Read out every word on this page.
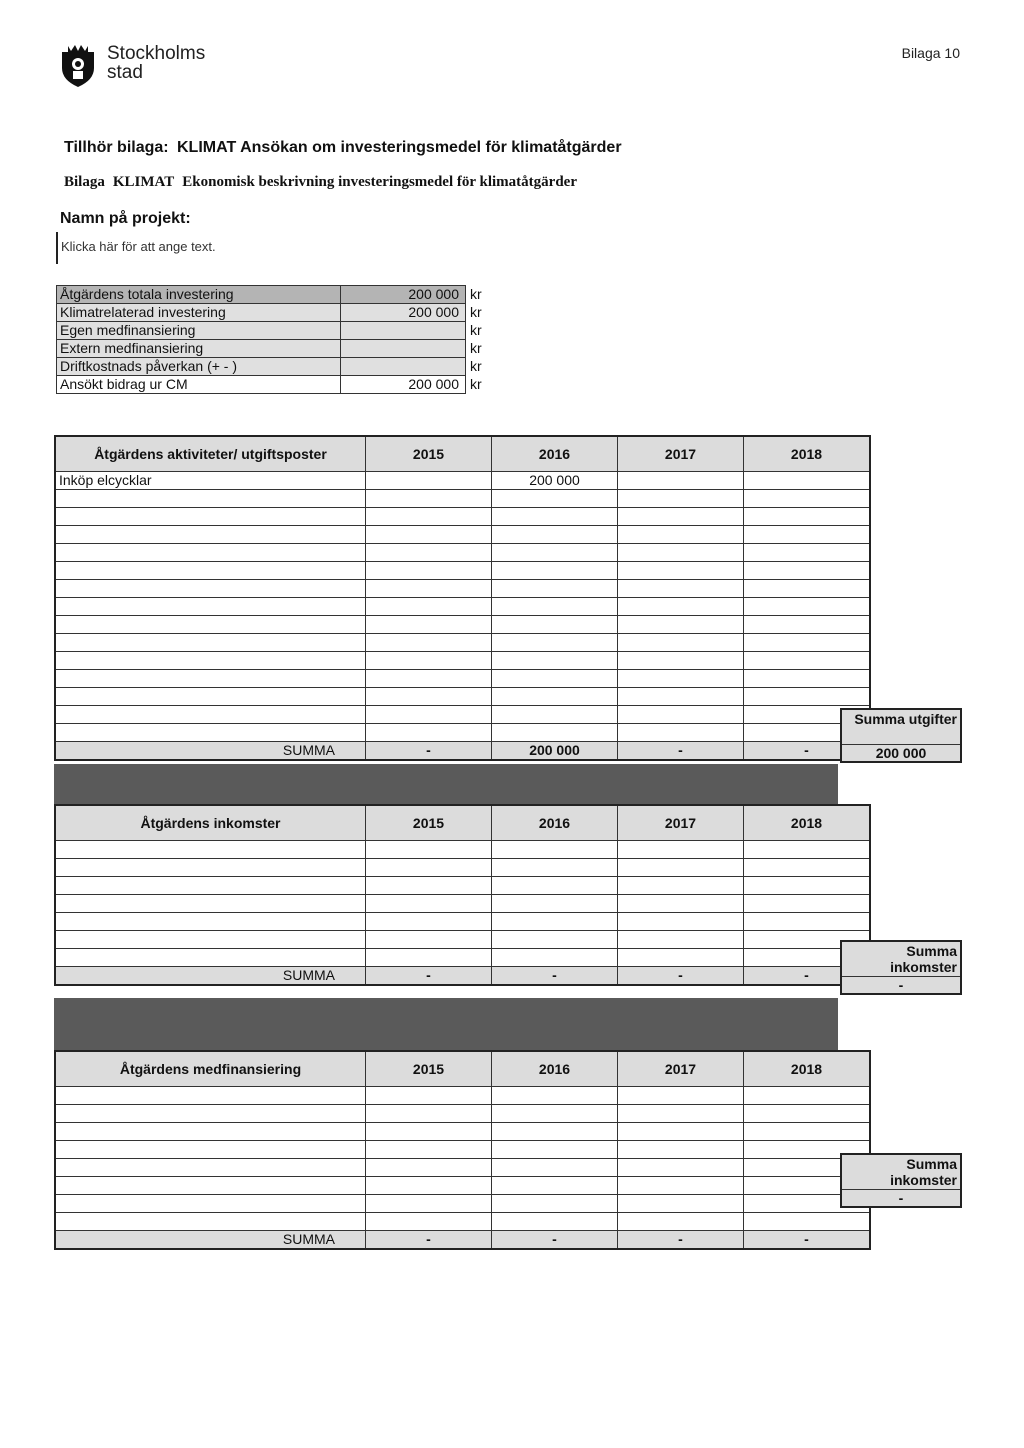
Stockholms
stad
Bilaga 10
Tillhör bilaga: KLIMAT Ansökan om investeringsmedel för klimatåtgärder
Bilaga KLIMAT Ekonomisk beskrivning investeringsmedel för klimatåtgärder
Namn på projekt:
Klicka här för att ange text.
Åtgärdens totala investering	200 000	kr
Klimatrelaterad investering	200 000	kr
Egen medfinansiering		kr
Extern medfinansiering		kr
Driftkostnads påverkan (+ - )		kr
Ansökt bidrag ur CM	200 000	kr
Åtgärdens aktiviteter/ utgiftsposter	2015	2016	2017	2018
Inköp elcycklar		200 000		

SUMMA	-	200 000	-	-
Summa utgifter
200 000
Åtgärdens inkomster	2015	2016	2017	2018

SUMMA	-	-	-	-
Summa inkomster
-
Åtgärdens medfinansiering	2015	2016	2017	2018

SUMMA	-	-	-	-
Summa inkomster
-
